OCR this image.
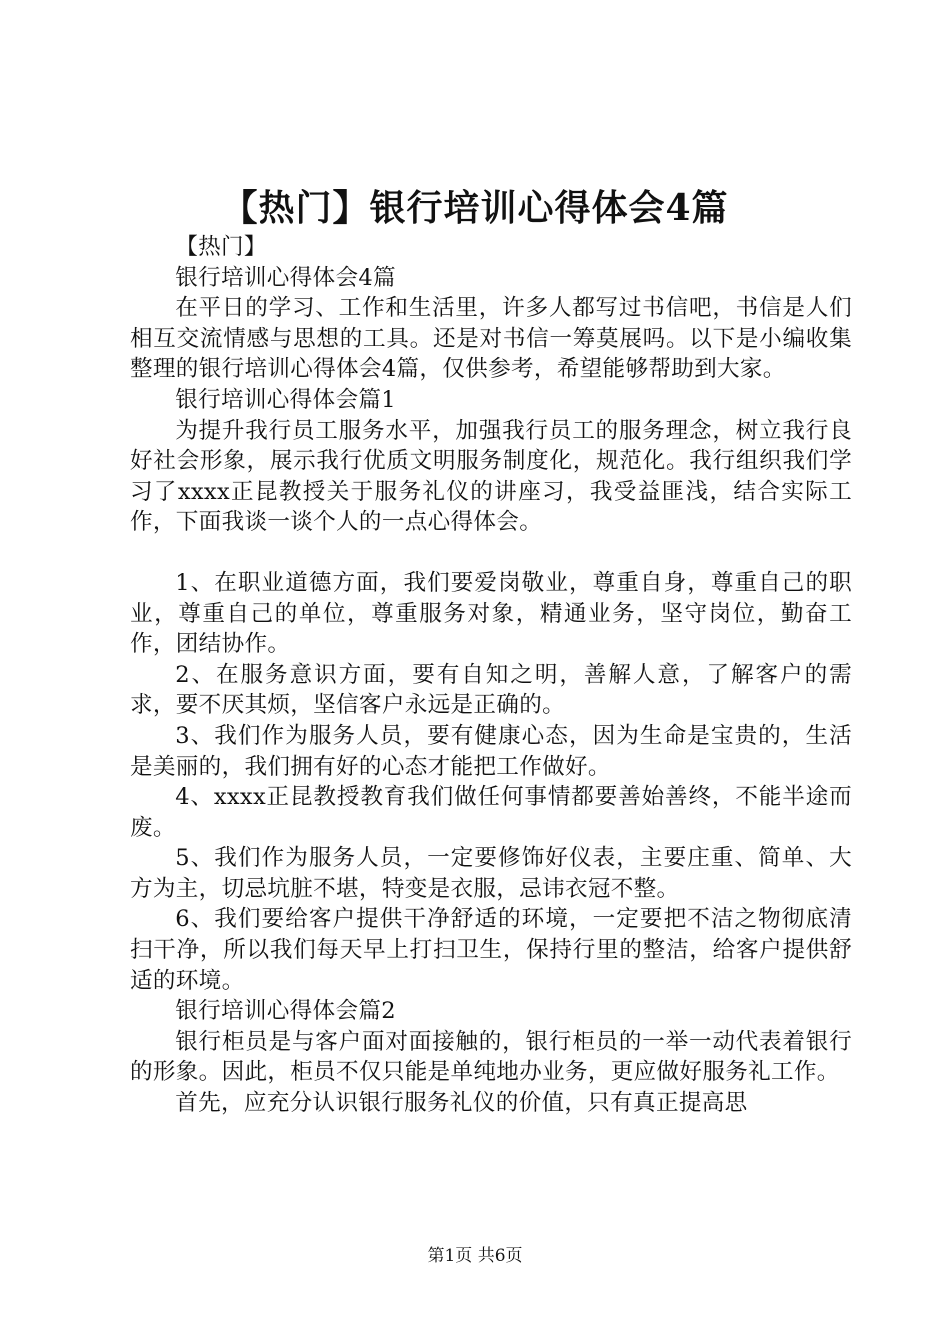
【热门】银行培训心得体会4篇

【热门】

银行培训心得体会4篇

在平日的学习、工作和生活里，许多人都写过书信吧，书信是人们相互交流情感与思想的工具。还是对书信一筹莫展吗。以下是小编收集整理的银行培训心得体会4篇，仅供参考，希望能够帮助到大家。

银行培训心得体会篇1

为提升我行员工服务水平，加强我行员工的服务理念，树立我行良好社会形象，展示我行优质文明服务制度化，规范化。我行组织我们学习了xxxx正昆教授关于服务礼仪的讲座习，我受益匪浅，结合实际工作，下面我谈一谈个人的一点心得体会。

1、在职业道德方面，我们要爱岗敬业，尊重自身，尊重自己的职业，尊重自己的单位，尊重服务对象，精通业务，坚守岗位，勤奋工作，团结协作。

2、在服务意识方面，要有自知之明，善解人意，了解客户的需求，要不厌其烦，坚信客户永远是正确的。

3、我们作为服务人员，要有健康心态，因为生命是宝贵的，生活是美丽的，我们拥有好的心态才能把工作做好。

4、xxxx正昆教授教育我们做任何事情都要善始善终，不能半途而废。

5、我们作为服务人员，一定要修饰好仪表，主要庄重、简单、大方为主，切忌坑脏不堪，特变是衣服，忌讳衣冠不整。

6、我们要给客户提供干净舒适的环境，一定要把不洁之物彻底清扫干净，所以我们每天早上打扫卫生，保持行里的整洁，给客户提供舒适的环境。

银行培训心得体会篇2

银行柜员是与客户面对面接触的，银行柜员的一举一动代表着银行的形象。因此，柜员不仅只能是单纯地办业务，更应做好服务礼工作。

首先，应充分认识银行服务礼仪的价值，只有真正提高思

第1页 共6页
